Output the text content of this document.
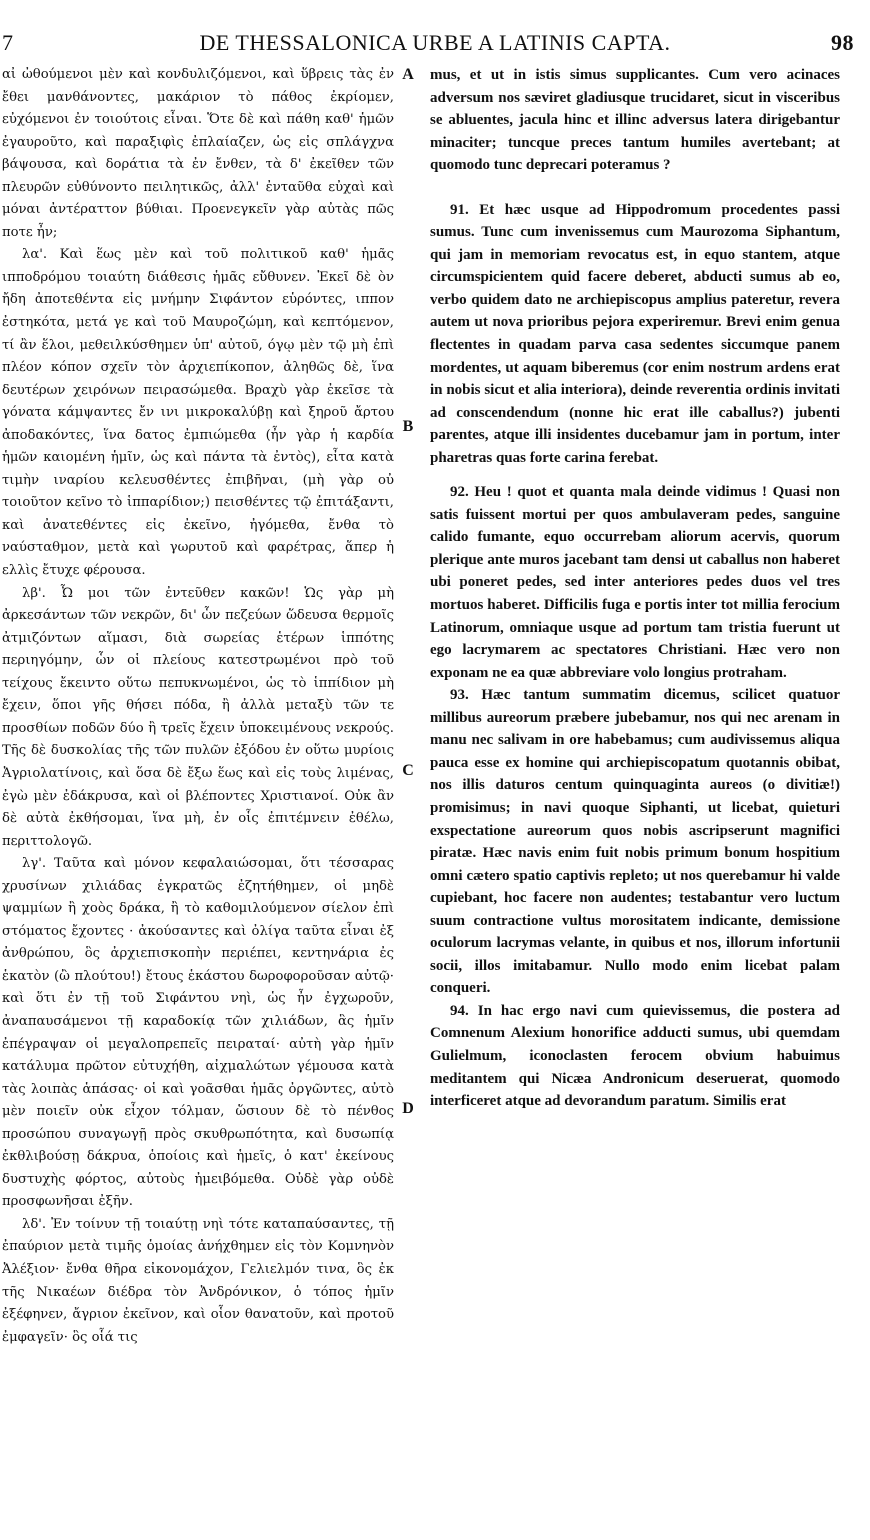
7	DE THESSALONICA URBE A LATINIS CAPTA.	98

αἰ ὠθούμενοι μὲν καὶ κονδυλιζόμενοι, καὶ ὕβρεις τὰς ἐν ἔθει μανθάνοντες, μακάριον τὸ πάθος ἐκρίομεν, εὐχόμενοι ἐν τοιούτοις εἶναι. Ὅτε δὲ καὶ πάθη καθ' ἡμῶν ἐγαυροῦτο, καὶ παραξιφὶς ἐπλαίαζεν, ὡς εἰς σπλάγχνα βάψουσα, καὶ δοράτια τὰ ἐν ἔνθεν, τὰ δ' ἐκεῖθεν τῶν πλευρῶν εὐθύνοντο πειλητικῶς, ἀλλ' ἐνταῦθα εὐχαὶ καὶ μόναι ἀντέραττον βύθιαι. Προενεγκεῖν γὰρ αὐτὰς πῶς ποτε ἦν;

λα'. Καὶ ἕως μὲν καὶ τοῦ πολιτικοῦ καθ' ἡμᾶς ιπποδρόμου τοιαύτη διάθεσις ἡμᾶς εὔθυνεν. Ἐκεῖ δὲ ὸν ἤδη ἀποτεθέντα εἰς μνήμην Σιφάντον εὑρόντες, ιππον ἐστηκότα, μετά γε καὶ τοῦ Μαυροζώμη, καὶ κεπτόμενον, τί ἂν ἕλοι, μεθειλκύσθημεν ὑπ' αὐτοῦ, όγῳ μὲν τῷ μὴ ἐπὶ πλέον κόπον σχεῖν τὸν ἀρχιεπίκοπον, ἀληθῶς δὲ, ἵνα δευτέρων χειρόνων πειρασώμεθα. Βραχὺ γὰρ ἐκεῖσε τὰ γόνατα κάμψαντες ἔν ινι μικροκαλύβῃ καὶ ξηροῦ ἄρτου ἀποδακόντες, ἵνα δατος ἐμπιώμεθα (ἦν γὰρ ἡ καρδία ἡμῶν καιομένη ἡμῖν, ὡς καὶ πάντα τὰ ἐντὸς), εἶτα κατὰ τιμὴν ιναρίου κελευσθέντες ἐπιβῆναι, (μὴ γὰρ οὐ τοιοῦτον κεῖνο τὸ ἱππαρίδιον;) πεισθέντες τῷ ἐπιτάξαντι, καὶ ἀνατεθέντες εἰς ἐκεῖνο, ἠγόμεθα, ἔνθα τὸ ναύσταθμον, μετὰ καὶ γωρυτοῦ καὶ φαρέτρας, ἅπερ ἡ ελλὶς ἔτυχε φέρουσα.

λβ'. Ὦ μοι τῶν ἐντεῦθεν κακῶν! Ὡς γὰρ μὴ ἀρκεσάντων τῶν νεκρῶν, δι' ὧν πεζεύων ὥδευσα θερμοῖς ἀτμιζόντων αἵμασι, διὰ σωρείας ἑτέρων ἱππότης περιηγόμην, ὧν οἱ πλείους κατεστρωμένοι πρὸ τοῦ τείχους ἔκειντο οὕτω πεπυκνωμένοι, ὡς τὸ ἱππίδιον μὴ ἔχειν, ὅποι γῆς θήσει πόδα, ἢ ἀλλὰ μεταξὺ τῶν τε προσθίων ποδῶν δύο ἢ τρεῖς ἔχειν ὑποκειμένους νεκρούς. Τῆς δὲ δυσκολίας τῆς τῶν πυλῶν ἐξόδου ἐν οὕτω μυρίοις Ἀγριολατίνοις, καὶ ὅσα δὲ ἔξω ἕως καὶ εἰς τοὺς λιμένας, ἐγὼ μὲν ἐδάκρυσα, καὶ οἱ βλέποντες Χριστιανοί. Οὐκ ἂν δὲ αὐτὰ ἐκθήσομαι, ἵνα μὴ, ἐν οἷς ἐπιτέμνειν ἐθέλω, περιττολογῶ.

λγ'. Ταῦτα καὶ μόνον κεφαλαιώσομαι, ὅτι τέσσαρας χρυσίνων χιλιάδας ἐγκρατῶς ἐζητήθημεν, οἱ μηδὲ ψαμμίων ἢ χοὸς δράκα, ἢ τὸ καθομιλούμενον σίελον ἐπὶ στόματος ἔχοντες · ἀκούσαντες καὶ ὀλίγα ταῦτα εἶναι ἐξ ἀνθρώπου, ὃς ἀρχιεπισκοπὴν περιέπει, κεντηνάρια ἐς ἑκατὸν (ὢ πλούτου!) ἔτους ἑκάστου δωροφοροῦσαν αὐτῷ· καὶ ὅτι ἐν τῇ τοῦ Σιφάντου νηὶ, ὡς ἦν ἐγχωροῦν, ἀναπαυσάμενοι τῇ καραδοκίᾳ τῶν χιλιάδων, ἃς ἡμῖν ἐπέγραψαν οἱ μεγαλοπρεπεῖς πειραταί· αὐτὴ γὰρ ἡμῖν κατάλυμα πρῶτον εὐτυχήθη, αἰχμαλώτων γέμουσα κατὰ τὰς λοιπὰς ἁπάσας· οἱ καὶ γοᾶσθαι ἡμᾶς ὀργῶντες, αὐτὸ μὲν ποιεῖν οὐκ εἶχον τόλμαν, ὥσιουν δὲ τὸ πένθος προσώπου συναγωγῇ πρὸς σκυθρωπότητα, καὶ δυσωπίᾳ ἐκθλιβούσῃ δάκρυα, ὁποίοις καὶ ἡμεῖς, ὁ κατ' ἐκείνους δυστυχὴς φόρτος, αὐτοὺς ἠμειβόμεθα. Οὐδὲ γὰρ οὐδὲ προσφωνῆσαι ἐξῆν.

λδ'. Ἐν τοίνυν τῇ τοιαύτῃ νηὶ τότε καταπαύσαντες, τῇ ἐπαύριον μετὰ τιμῆς ὁμοίας ἀνήχθημεν εἰς τὸν Κομνηνὸν Ἀλέξιον· ἔνθα θῆρα εἰκονομάχον, Γελιελμόν τινα, ὃς ἐκ τῆς Νικαέων διέδρα τὸν Ἀνδρόνικον, ὁ τόπος ἡμῖν ἐξέφηνεν, ἄγριον ἐκεῖνον, καὶ οἷον θανατοῦν, καὶ προτοῦ ἐμφαγεῖν· ὃς οἷά τις

A
B
C
D

mus, et ut in istis simus supplicantes. Cum vero acinaces adversum nos sæviret gladiusque trucidaret, sicut in visceribus se abluentes, jacula hinc et illinc adversus latera dirigebantur minaciter; tuncque preces tantum humiles avertebant; at quomodo tunc deprecari poteramus ?

91. Et hæc usque ad Hippodromum procedentes passi sumus. Tunc cum invenissemus cum Maurozoma Siphantum, qui jam in memoriam revocatus est, in equo stantem, atque circumspicientem quid facere deberet, abducti sumus ab eo, verbo quidem dato ne archiepiscopus amplius pateretur, revera autem ut nova prioribus pejora experiremur. Brevi enim genua flectentes in quadam parva casa sedentes siccumque panem mordentes, ut aquam biberemus (cor enim nostrum ardens erat in nobis sicut et alia interiora), deinde reverentia ordinis invitati ad conscendendum (nonne hic erat ille caballus?) jubenti parentes, atque illi insidentes ducebamur jam in portum, inter pharetras quas forte carina ferebat.

92. Heu ! quot et quanta mala deinde vidimus ! Quasi non satis fuissent mortui per quos ambulaveram pedes, sanguine calido fumante, equo occurrebam aliorum acervis, quorum plerique ante muros jacebant tam densi ut caballus non haberet ubi poneret pedes, sed inter anteriores pedes duos vel tres mortuos haberet. Difficilis fuga e portis inter tot millia ferocium Latinorum, omniaque usque ad portum tam tristia fuerunt ut ego lacrymarem ac spectatores Christiani. Hæc vero non exponam ne ea quæ abbreviare volo longius protraham.

93. Hæc tantum summatim dicemus, scilicet quatuor millibus aureorum præbere jubebamur, nos qui nec arenam in manu nec salivam in ore habebamus; cum audivissemus aliqua pauca esse ex homine qui archiepiscopatum quotannis obibat, nos illis daturos centum quinquaginta aureos (o divitiæ!) promisimus; in navi quoque Siphanti, ut licebat, quieturi exspectatione aureorum quos nobis ascripserunt magnifici piratæ. Hæc navis enim fuit nobis primum bonum hospitium omni cætero spatio captivis repleto; ut nos querebamur hi valde cupiebant, hoc facere non audentes; testabantur vero luctum suum contractione vultus morositatem indicante, demissione oculorum lacrymas velante, in quibus et nos, illorum infortunii socii, illos imitabamur. Nullo modo enim licebat palam conqueri.

94. In hac ergo navi cum quievissemus, die postera ad Comnenum Alexium honorifice adducti sumus, ubi quemdam Gulielmum, iconoclasten ferocem obvium habuimus meditantem qui Nicæa Andronicum deseruerat, quomodo interficeret atque ad devorandum paratum. Similis erat
